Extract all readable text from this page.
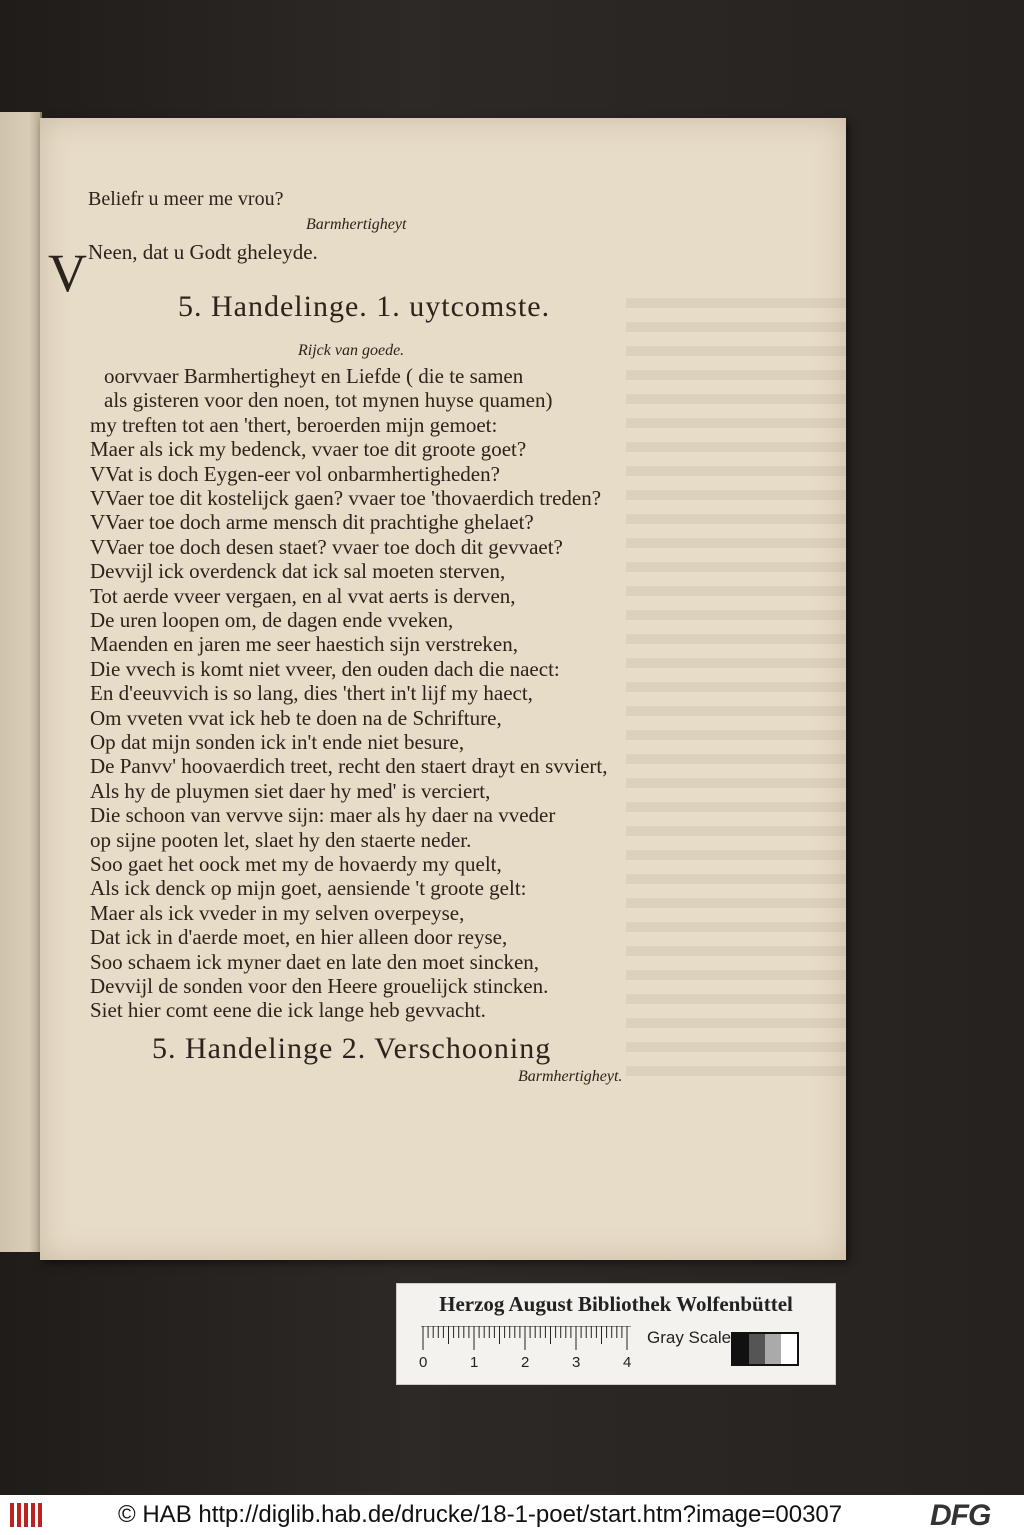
Beliefr u meer me vrou?
Barmhertigheyt
Neen, dat u Godt gheleyde.
5. Handelinge. 1. uytcomste.
Rijck van goede.
V
oorvvaer Barmhertigheyt en Liefde ( die te samen
als gisteren voor den noen, tot mynen huyse quamen)
my treften tot aen 'thert, beroerden mijn gemoet:
Maer als ick my bedenck, vvaer toe dit groote goet?
VVat is doch Eygen-eer vol onbarmhertigheden?
VVaer toe dit kostelijck gaen? vvaer toe 'thovaerdich treden?
VVaer toe doch arme mensch dit prachtighe ghelaet?
VVaer toe doch desen staet? vvaer toe doch dit gevvaet?
Devvijl ick overdenck dat ick sal moeten sterven,
Tot aerde vveer vergaen, en al vvat aerts is derven,
De uren loopen om, de dagen ende vveken,
Maenden en jaren me seer haestich sijn verstreken,
Die vvech is komt niet vveer, den ouden dach die naect:
En d'eeuvvich is so lang, dies 'thert in't lijf my haect,
Om vveten vvat ick heb te doen na de Schrifture,
Op dat mijn sonden ick in't ende niet besure,
De Panvv' hoovaerdich treet, recht den staert drayt en svviert,
Als hy de pluymen siet daer hy med' is verciert,
Die schoon van vervve sijn: maer als hy daer na vveder
op sijne pooten let, slaet hy den staerte neder.
Soo gaet het oock met my de hovaerdy my quelt,
Als ick denck op mijn goet, aensiende 't groote gelt:
Maer als ick vveder in my selven overpeyse,
Dat ick in d'aerde moet, en hier alleen door reyse,
Soo schaem ick myner daet en late den moet sincken,
Devvijl de sonden voor den Heere grouelijck stincken.
Siet hier comt eene die ick lange heb gevvacht.
5. Handelinge 2. Verschooning
Barmhertigheyt.
Herzog August Bibliothek Wolfenbüttel
0	1	2	3	4
Gray Scale
© HAB http://diglib.hab.de/drucke/18-1-poet/start.htm?image=00307	DFG
